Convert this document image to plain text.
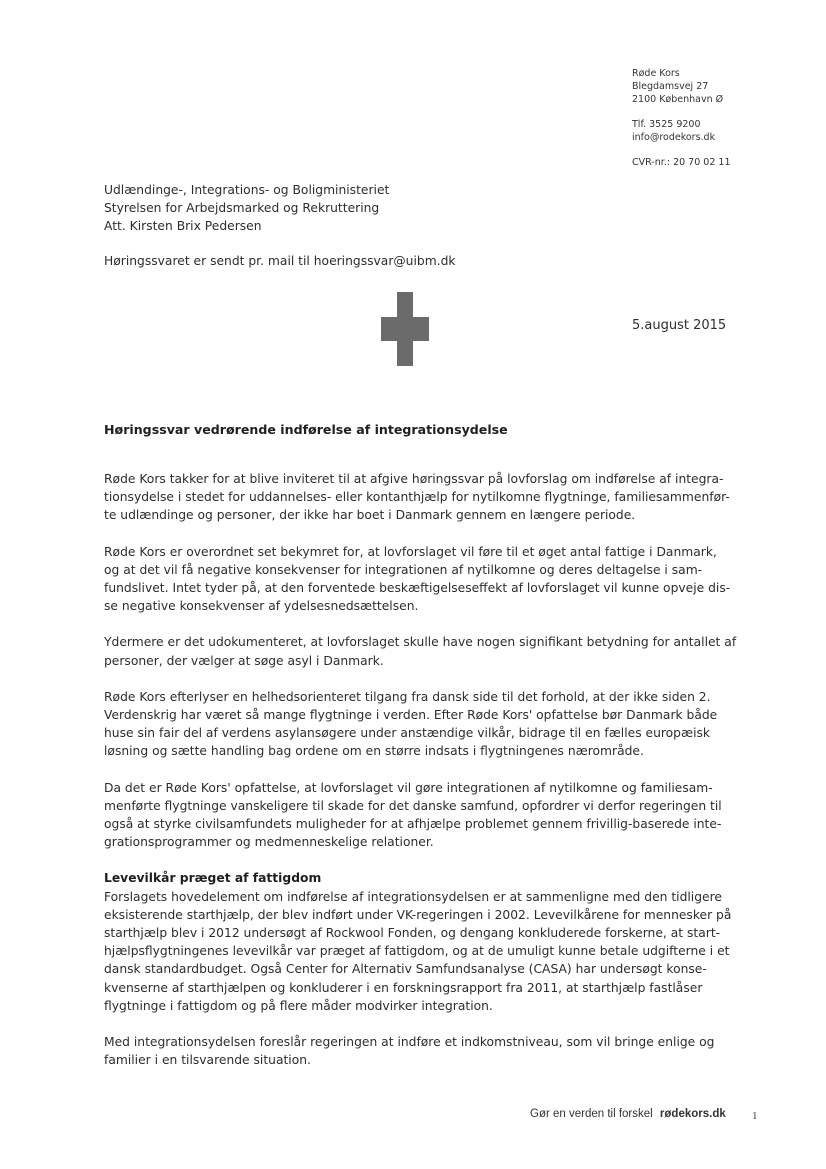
Røde Kors
Blegdamsvej 27
2100 København Ø
Tlf. 3525 9200
info@rodekors.dk
CVR-nr.: 20 70 02 11
Udlændinge-, Integrations- og Boligministeriet
Styrelsen for Arbejdsmarked og Rekruttering
Att. Kirsten Brix Pedersen
Høringssvaret er sendt pr. mail til hoeringssvar@uibm.dk
5.august 2015
Høringssvar vedrørende indførelse af integrationsydelse

Røde Kors takker for at blive inviteret til at afgive høringssvar på lovforslag om indførelse af integra-
tionsydelse i stedet for uddannelses- eller kontanthjælp for nytilkomne flygtninge, familiesammenfør-
te udlændinge og personer, der ikke har boet i Danmark gennem en længere periode.

Røde Kors er overordnet set bekymret for, at lovforslaget vil føre til et øget antal fattige i Danmark,
og at det vil få negative konsekvenser for integrationen af nytilkomne og deres deltagelse i sam-
fundslivet. Intet tyder på, at den forventede beskæftigelseseffekt af lovforslaget vil kunne opveje dis-
se negative konsekvenser af ydelsesnedsættelsen.

Ydermere er det udokumenteret, at lovforslaget skulle have nogen signifikant betydning for antallet af
personer, der vælger at søge asyl i Danmark.

Røde Kors efterlyser en helhedsorienteret tilgang fra dansk side til det forhold, at der ikke siden 2.
Verdenskrig har været så mange flygtninge i verden. Efter Røde Kors' opfattelse bør Danmark både
huse sin fair del af verdens asylansøgere under anstændige vilkår, bidrage til en fælles europæisk
løsning og sætte handling bag ordene om en større indsats i flygtningenes nærområde.

Da det er Røde Kors' opfattelse, at lovforslaget vil gøre integrationen af nytilkomne og familiesam-
menførte flygtninge vanskeligere til skade for det danske samfund, opfordrer vi derfor regeringen til
også at styrke civilsamfundets muligheder for at afhjælpe problemet gennem frivillig-baserede inte-
grationsprogrammer og medmenneskelige relationer.

Levevilkår præget af fattigdom
Forslagets hovedelement om indførelse af integrationsydelsen er at sammenligne med den tidligere
eksisterende starthjælp, der blev indført under VK-regeringen i 2002. Levevilkårene for mennesker på
starthjælp blev i 2012 undersøgt af Rockwool Fonden, og dengang konkluderede forskerne, at start-
hjælpsflygtningenes levevilkår var præget af fattigdom, og at de umuligt kunne betale udgifterne i et
dansk standardbudget. Også Center for Alternativ Samfundsanalyse (CASA) har undersøgt konse-
kvenserne af starthjælpen og konkluderer i en forskningsrapport fra 2011, at starthjælp fastlåser
flygtninge i fattigdom og på flere måder modvirker integration.

Med integrationsydelsen foreslår regeringen at indføre et indkomstniveau, som vil bringe enlige og
familier i en tilsvarende situation.

Gør en verden til forskel rødekors.dk 1
